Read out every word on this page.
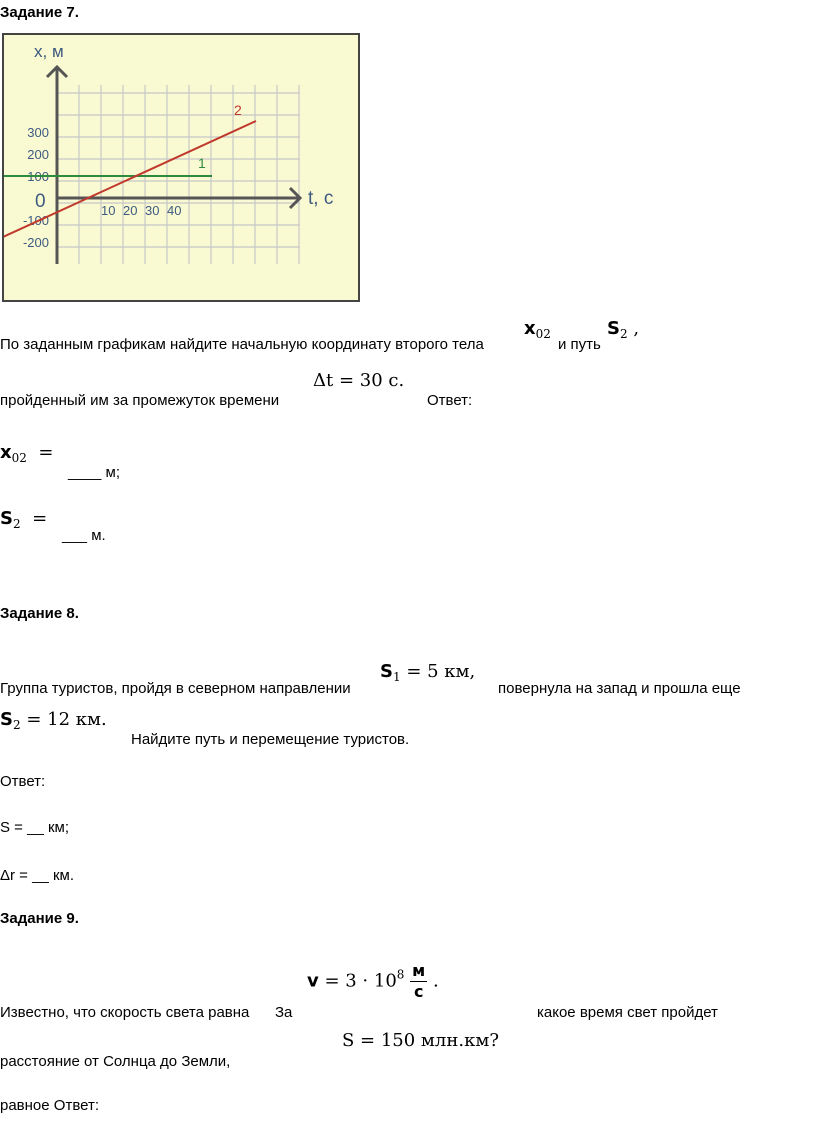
Задание 7.
x, м
t, с
0
300
200
100
-100
-200
10 20 30 40
1
2
$x_{02}$	$S_2$ ,
По заданным графикам найдите начальную координату второго тела	и путь
Δt = 30 с.
пройденный им за промежуток времени	Ответ:
$x_{02}$ =
____ м;
$S_2$ =
___ м.
Задание 8.
$S_1 = 5$ км,
Группа туристов, пройдя в северном направлении	повернула на запад и прошла еще
$S_2 = 12$ км.
Найдите путь и перемещение туристов.
Ответ:
S = __ км;
Δr = __ км.
Задание 9.
$v = 3 \cdot 10^8 \frac{м}{с}$ .
Известно, что скорость света равна За	какое время свет пройдет
S = 150 млн.км?
расстояние от Солнца до Земли,
равное Ответ:
